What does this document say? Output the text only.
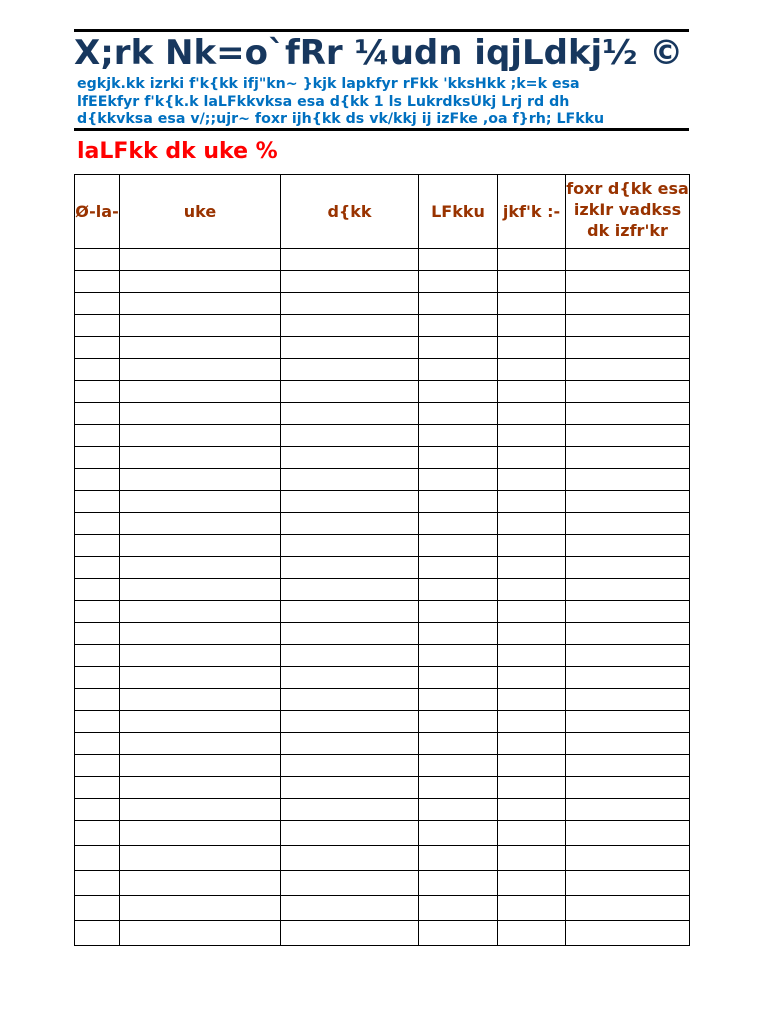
X;rk Nk=o`fRr ¼udn iqjLdkj½ ©
egkjk.kk izrki f'k{kk ifj"kn~ }kjk lapkfyr rFkk 'kksHkk ;k=k esa
lfEEkfyr f'k{k.k laLFkkvksa esa d{kk 1 ls LukrdksÙkj Lrj rd dh
d{kkvksa esa v/;;ujr~ foxr ijh{kk ds vk/kkj ij izFke ,oa f}rh; LFkku
laLFkk dk uke %
Ø-la-	uke	d{kk	LFkku	jkf'k :-	foxr d{kk esa izkIr vadkss dk izfr'kr
